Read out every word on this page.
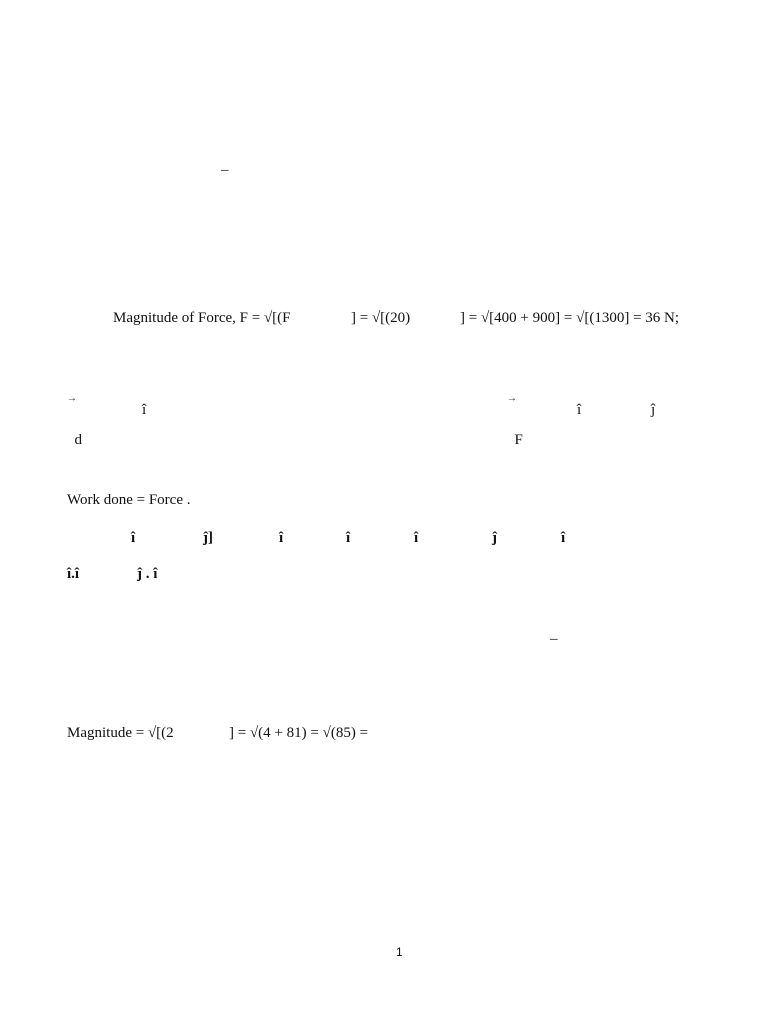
–
Magnitude of Force, F = √[(F	] = √[(20)	] = √[400 + 900] = √[(1300] = 36 N;

→

d

î

→

F

î	ĵ
Work done = Force .
î	ĵ]	î	î	î	ĵ	î
î.î	ĵ . î
–
Magnitude = √[(2	] = √(4 + 81) = √(85) =
1
